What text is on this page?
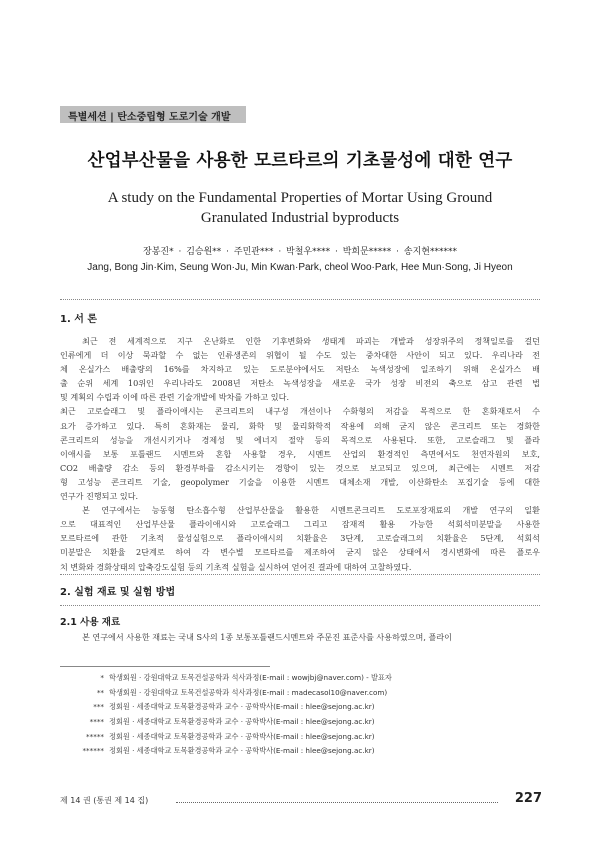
특별세션 | 탄소중립형 도로기술 개발
산업부산물을 사용한 모르타르의 기초물성에 대한 연구
A study on the Fundamental Properties of Mortar Using Ground
Granulated Industrial byproducts
장봉진* · 김승원** · 주민관*** · 박철우**** · 박희문***** · 송지현******
Jang, Bong Jin·Kim, Seung Won·Ju, Min Kwan·Park, cheol Woo·Park, Hee Mun·Song, Ji Hyeon
1. 서 론
최근 전 세계적으로 지구 온난화로 인한 기후변화와 생태계 파괴는 개발과 성장위주의 정책일로를 걸던
인류에게 더 이상 묵과할 수 없는 인류생존의 위협이 될 수도 있는 중차대한 사안이 되고 있다. 우리나라 전
체 온실가스 배출량의 16%를 차지하고 있는 도로분야에서도 저탄소 녹색성장에 일조하기 위해 온실가스 배
출 순위 세계 10위인 우리나라도 2008년 저탄소 녹색성장을 새로운 국가 성장 비전의 축으로 삼고 관련 법
및 계획의 수립과 이에 따른 관련 기술개발에 박차를 가하고 있다.
최근 고로슬래그 및 플라이애시는 콘크리트의 내구성 개선이나 수화형의 저감을 목적으로 한 혼화재로서 수
요가 증가하고 있다. 특히 혼화재는 물리, 화학 및 물리화학적 작용에 의해 굳지 않은 콘크리트 또는 경화한
콘크리트의 성능을 개선시키거나 경제성 및 에너지 절약 등의 목적으로 사용된다. 또한, 고로슬래그 및 플라
이애시를 보통 포틀랜드 시멘트와 혼합 사용할 경우, 시멘트 산업의 환경적인 측면에서도 천연자원의 보호,
CO2 배출량 감소 등의 환경부하를 감소시키는 경향이 있는 것으로 보고되고 있으며, 최근에는 시멘트 저감
형 고성능 콘크리트 기술, geopolymer 기술을 이용한 시멘트 대체소재 개발, 이산화탄소 포집기술 등에 대한
연구가 진행되고 있다.
본 연구에서는 능동형 탄소흡수형 산업부산물을 활용한 시멘트콘크리트 도로포장재료의 개발 연구의 일환
으로 대표적인 산업부산물 플라이애시와 고로슬래그 그리고 잠재적 활용 가능한 석회석미분말을 사용한
모르타르에 관한 기초적 물성실험으로 플라이애시의 치환율은 3단계, 고로슬래그의 치환율은 5단계, 석회석
미분말은 치환율 2단계로 하여 각 변수별 모르타르를 제조하여 굳지 않은 상태에서 경시변화에 따른 플로우
치 변화와 경화상태의 압축강도실험 등의 기초적 실험을 실시하여 얻어진 결과에 대하여 고찰하였다.
2. 실험 재료 및 실험 방법
2.1 사용 재료
본 연구에서 사용한 재료는 국내 S사의 1종 보통포틀랜드시멘트와 주문진 표준사를 사용하였으며, 플라이
* 학생회원 · 강원대학교 토목건설공학과 석사과정(E-mail : wowjbj@naver.com) - 발표자
** 학생회원 · 강원대학교 토목건설공학과 석사과정(E-mail : madecasol10@naver.com)
*** 정회원 · 세종대학교 토목환경공학과 교수 · 공학박사(E-mail : hlee@sejong.ac.kr)
**** 정회원 · 세종대학교 토목환경공학과 교수 · 공학박사(E-mail : hlee@sejong.ac.kr)
***** 정회원 · 세종대학교 토목환경공학과 교수 · 공학박사(E-mail : hlee@sejong.ac.kr)
****** 정회원 · 세종대학교 토목환경공학과 교수 · 공학박사(E-mail : hlee@sejong.ac.kr)
제 14 권 (통권 제 14 집)	227
